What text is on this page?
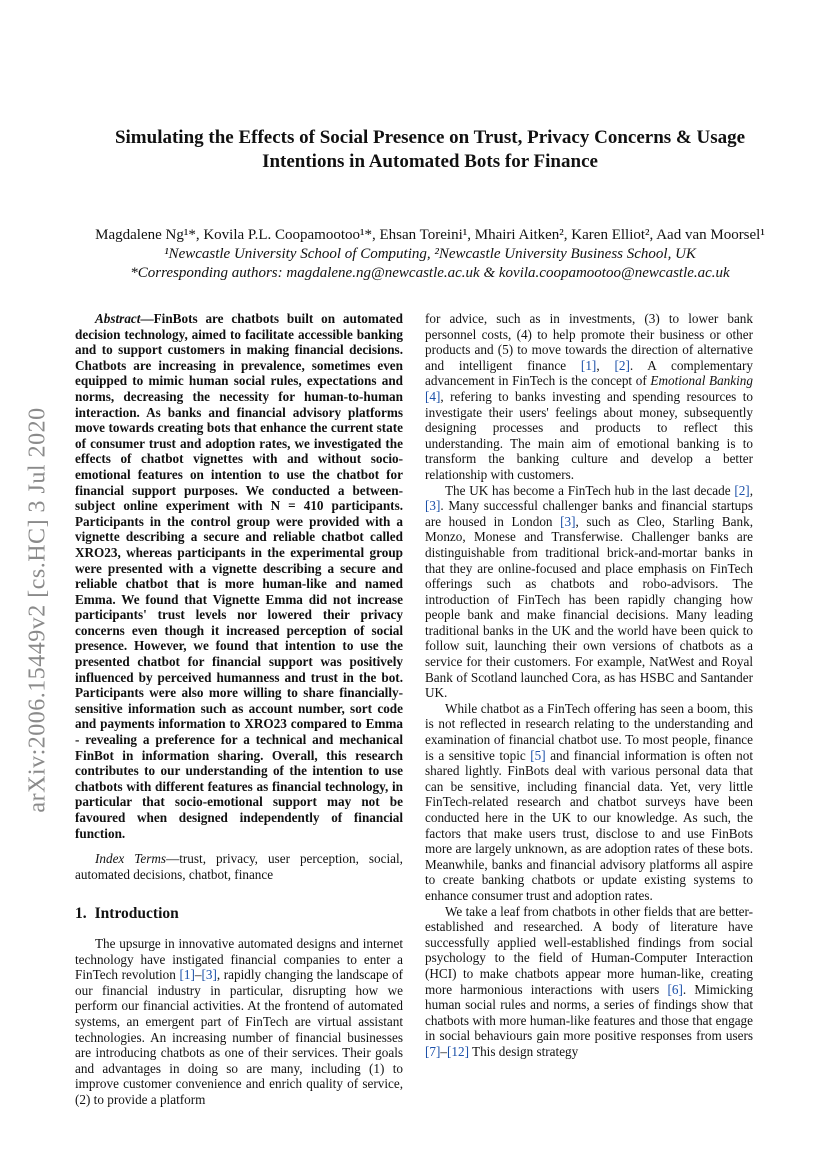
arXiv:2006.15449v2 [cs.HC] 3 Jul 2020
Simulating the Effects of Social Presence on Trust, Privacy Concerns & Usage
Intentions in Automated Bots for Finance
Magdalene Ng¹*, Kovila P.L. Coopamootoo¹*, Ehsan Toreini¹, Mhairi Aitken², Karen Elliot², Aad van Moorsel¹
¹Newcastle University School of Computing, ²Newcastle University Business School, UK
*Corresponding authors: magdalene.ng@newcastle.ac.uk & kovila.coopamootoo@newcastle.ac.uk

Abstract—FinBots are chatbots built on automated decision technology, aimed to facilitate accessible banking and to support customers in making financial decisions. Chatbots are increasing in prevalence, sometimes even equipped to mimic human social rules, expectations and norms, decreasing the necessity for human-to-human interaction. As banks and financial advisory platforms move towards creating bots that enhance the current state of consumer trust and adoption rates, we investigated the effects of chatbot vignettes with and without socio-emotional features on intention to use the chatbot for financial support purposes. We conducted a between-subject online experiment with N = 410 participants. Participants in the control group were provided with a vignette describing a secure and reliable chatbot called XRO23, whereas participants in the experimental group were presented with a vignette describing a secure and reliable chatbot that is more human-like and named Emma. We found that Vignette Emma did not increase participants' trust levels nor lowered their privacy concerns even though it increased perception of social presence. However, we found that intention to use the presented chatbot for financial support was positively influenced by perceived humanness and trust in the bot. Participants were also more willing to share financially-sensitive information such as account number, sort code and payments information to XRO23 compared to Emma - revealing a preference for a technical and mechanical FinBot in information sharing. Overall, this research contributes to our understanding of the intention to use chatbots with different features as financial technology, in particular that socio-emotional support may not be favoured when designed independently of financial function.

Index Terms—trust, privacy, user perception, social, automated decisions, chatbot, finance

1. Introduction

The upsurge in innovative automated designs and internet technology have instigated financial companies to enter a FinTech revolution [1]–[3], rapidly changing the landscape of our financial industry in particular, disrupting how we perform our financial activities. At the frontend of automated systems, an emergent part of FinTech are virtual assistant technologies. An increasing number of financial businesses are introducing chatbots as one of their services. Their goals and advantages in doing so are many, including (1) to improve customer convenience and enrich quality of service, (2) to provide a platform

for advice, such as in investments, (3) to lower bank personnel costs, (4) to help promote their business or other products and (5) to move towards the direction of alternative and intelligent finance [1], [2]. A complementary advancement in FinTech is the concept of Emotional Banking [4], refering to banks investing and spending resources to investigate their users' feelings about money, subsequently designing processes and products to reflect this understanding. The main aim of emotional banking is to transform the banking culture and develop a better relationship with customers.

The UK has become a FinTech hub in the last decade [2], [3]. Many successful challenger banks and financial startups are housed in London [3], such as Cleo, Starling Bank, Monzo, Monese and Transferwise. Challenger banks are distinguishable from traditional brick-and-mortar banks in that they are online-focused and place emphasis on FinTech offerings such as chatbots and robo-advisors. The introduction of FinTech has been rapidly changing how people bank and make financial decisions. Many leading traditional banks in the UK and the world have been quick to follow suit, launching their own versions of chatbots as a service for their customers. For example, NatWest and Royal Bank of Scotland launched Cora, as has HSBC and Santander UK.

While chatbot as a FinTech offering has seen a boom, this is not reflected in research relating to the understanding and examination of financial chatbot use. To most people, finance is a sensitive topic [5] and financial information is often not shared lightly. FinBots deal with various personal data that can be sensitive, including financial data. Yet, very little FinTech-related research and chatbot surveys have been conducted here in the UK to our knowledge. As such, the factors that make users trust, disclose to and use FinBots more are largely unknown, as are adoption rates of these bots. Meanwhile, banks and financial advisory platforms all aspire to create banking chatbots or update existing systems to enhance consumer trust and adoption rates.

We take a leaf from chatbots in other fields that are better-established and researched. A body of literature have successfully applied well-established findings from social psychology to the field of Human-Computer Interaction (HCI) to make chatbots appear more human-like, creating more harmonious interactions with users [6]. Mimicking human social rules and norms, a series of findings show that chatbots with more human-like features and those that engage in social behaviours gain more positive responses from users [7]–[12] This design strategy
